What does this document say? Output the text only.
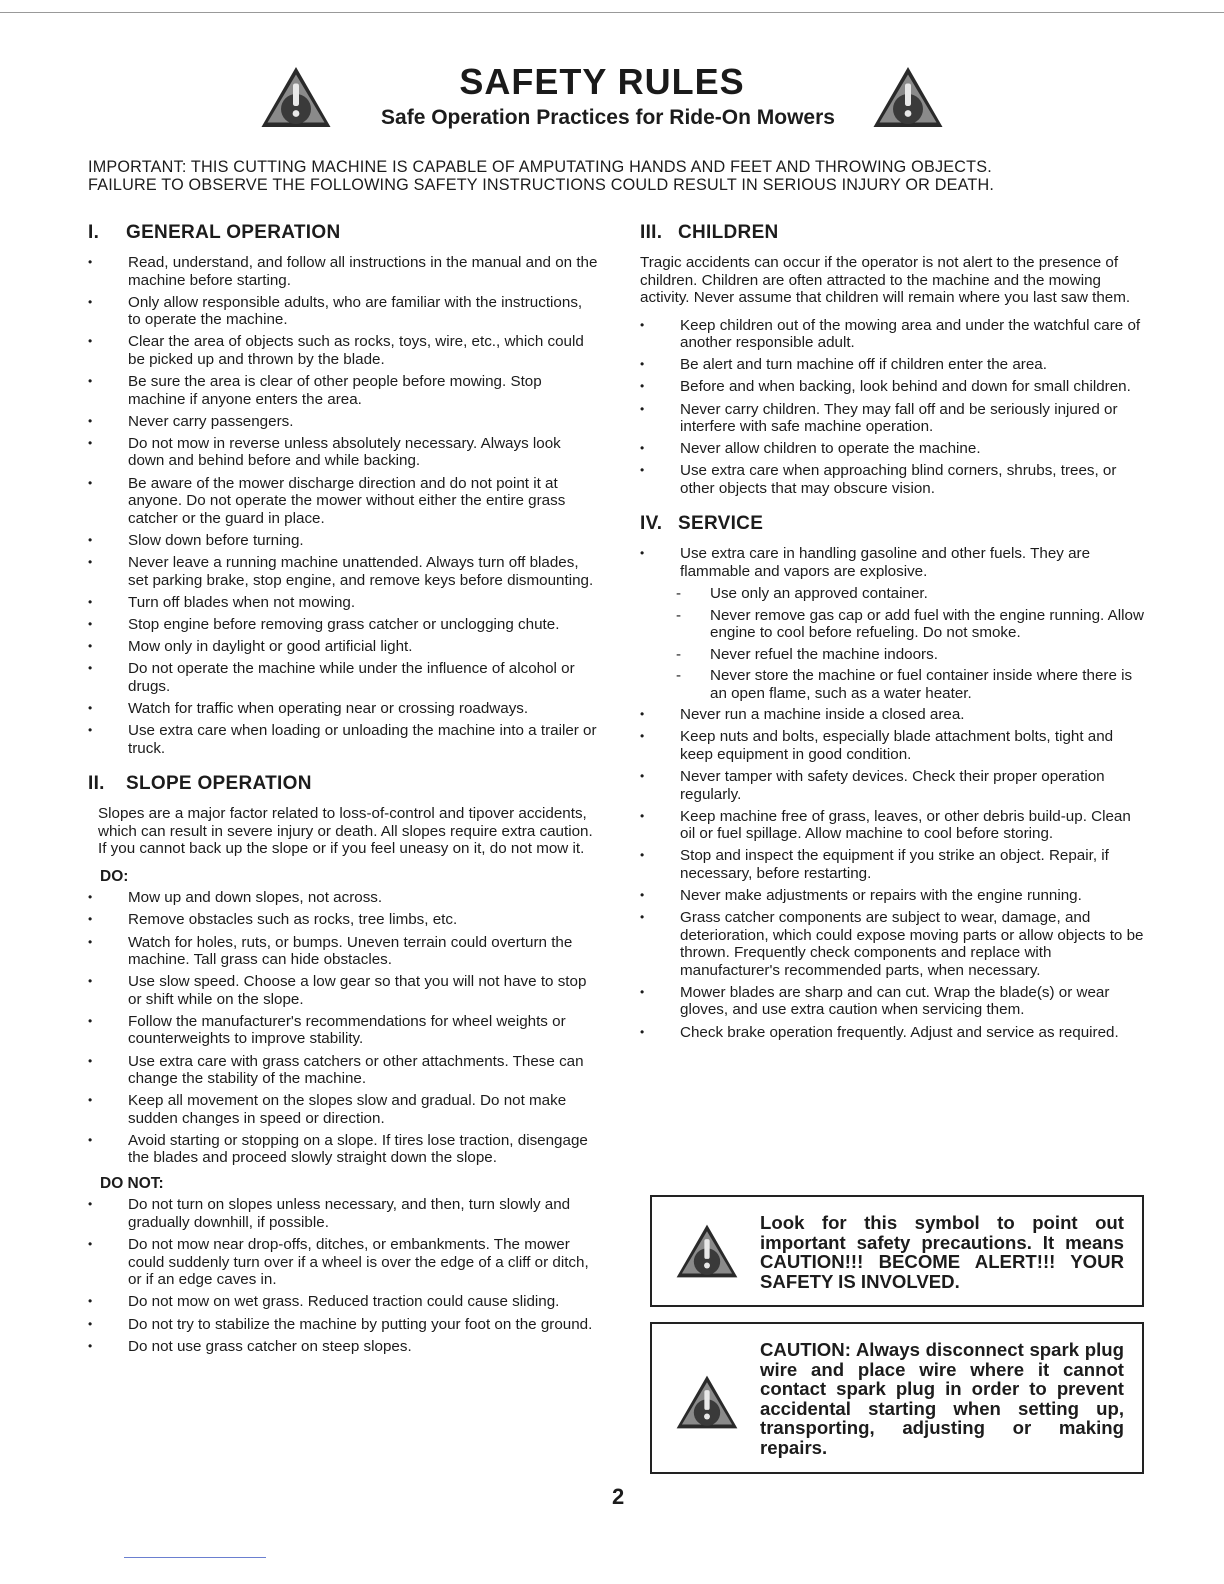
SAFETY RULES
Safe Operation Practices for Ride-On Mowers
IMPORTANT: THIS CUTTING MACHINE IS CAPABLE OF AMPUTATING HANDS AND FEET AND THROWING OBJECTS.
FAILURE TO OBSERVE THE FOLLOWING SAFETY INSTRUCTIONS COULD RESULT IN SERIOUS INJURY OR DEATH.
I. GENERAL OPERATION
• Read, understand, and follow all instructions in the manual and on the machine before starting.
• Only allow responsible adults, who are familiar with the instructions, to operate the machine.
• Clear the area of objects such as rocks, toys, wire, etc., which could be picked up and thrown by the blade.
• Be sure the area is clear of other people before mowing. Stop machine if anyone enters the area.
• Never carry passengers.
• Do not mow in reverse unless absolutely necessary. Always look down and behind before and while backing.
• Be aware of the mower discharge direction and do not point it at anyone. Do not operate the mower without either the entire grass catcher or the guard in place.
• Slow down before turning.
• Never leave a running machine unattended. Always turn off blades, set parking brake, stop engine, and remove keys before dismounting.
• Turn off blades when not mowing.
• Stop engine before removing grass catcher or unclogging chute.
• Mow only in daylight or good artificial light.
• Do not operate the machine while under the influence of alcohol or drugs.
• Watch for traffic when operating near or crossing roadways.
• Use extra care when loading or unloading the machine into a trailer or truck.
II. SLOPE OPERATION

Slopes are a major factor related to loss-of-control and tipover accidents, which can result in severe injury or death. All slopes require extra caution. If you cannot back up the slope or if you feel uneasy on it, do not mow it.

DO:
• Mow up and down slopes, not across.
• Remove obstacles such as rocks, tree limbs, etc.
• Watch for holes, ruts, or bumps. Uneven terrain could overturn the machine. Tall grass can hide obstacles.
• Use slow speed. Choose a low gear so that you will not have to stop or shift while on the slope.
• Follow the manufacturer's recommendations for wheel weights or counterweights to improve stability.
• Use extra care with grass catchers or other attachments. These can change the stability of the machine.
• Keep all movement on the slopes slow and gradual. Do not make sudden changes in speed or direction.
• Avoid starting or stopping on a slope. If tires lose traction, disengage the blades and proceed slowly straight down the slope.
DO NOT:
• Do not turn on slopes unless necessary, and then, turn slowly and gradually downhill, if possible.
• Do not mow near drop-offs, ditches, or embankments. The mower could suddenly turn over if a wheel is over the edge of a cliff or ditch, or if an edge caves in.
• Do not mow on wet grass. Reduced traction could cause sliding.
• Do not try to stabilize the machine by putting your foot on the ground.
• Do not use grass catcher on steep slopes.
III. CHILDREN

Tragic accidents can occur if the operator is not alert to the presence of children. Children are often attracted to the machine and the mowing activity. Never assume that children will remain where you last saw them.

• Keep children out of the mowing area and under the watchful care of another responsible adult.
• Be alert and turn machine off if children enter the area.
• Before and when backing, look behind and down for small children.
• Never carry children. They may fall off and be seriously injured or interfere with safe machine operation.
• Never allow children to operate the machine.
• Use extra care when approaching blind corners, shrubs, trees, or other objects that may obscure vision.
IV. SERVICE
• Use extra care in handling gasoline and other fuels. They are flammable and vapors are explosive.
- Use only an approved container.
- Never remove gas cap or add fuel with the engine running. Allow engine to cool before refueling. Do not smoke.
- Never refuel the machine indoors.
- Never store the machine or fuel container inside where there is an open flame, such as a water heater.
• Never run a machine inside a closed area.
• Keep nuts and bolts, especially blade attachment bolts, tight and keep equipment in good condition.
• Never tamper with safety devices. Check their proper operation regularly.
• Keep machine free of grass, leaves, or other debris build-up. Clean oil or fuel spillage. Allow machine to cool before storing.
• Stop and inspect the equipment if you strike an object. Repair, if necessary, before restarting.
• Never make adjustments or repairs with the engine running.
• Grass catcher components are subject to wear, damage, and deterioration, which could expose moving parts or allow objects to be thrown. Frequently check components and replace with manufacturer's recommended parts, when necessary.
• Mower blades are sharp and can cut. Wrap the blade(s) or wear gloves, and use extra caution when servicing them.
• Check brake operation frequently. Adjust and service as required.
Look for this symbol to point out important safety precautions. It means CAUTION!!! BECOME ALERT!!! YOUR SAFETY IS INVOLVED.
CAUTION: Always disconnect spark plug wire and place wire where it cannot contact spark plug in order to prevent accidental starting when setting up, transporting, adjusting or making repairs.
2
